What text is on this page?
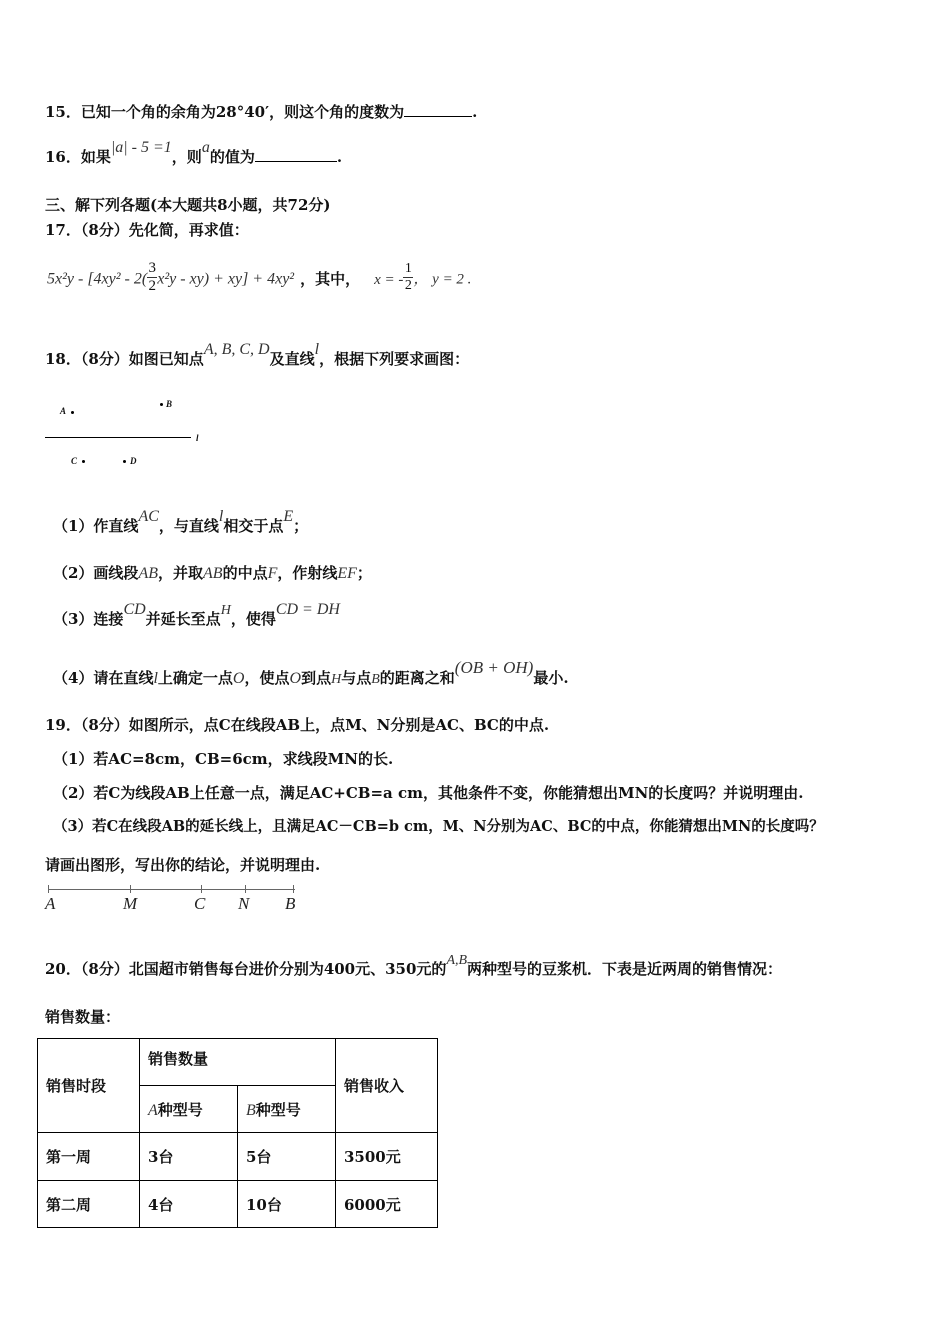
15．已知一个角的余角为28°40′，则这个角的度数为	.
16．如果|a| - 5 =1，则a的值为	.
三、解下列各题(本大题共8小题，共72分)
17．（8分）先化简，再求值：
$5x^2y - [4xy^2 - 2( \frac{3}{2} x^2y - xy) + xy] + 4xy^2$ ，其中， x = - $\frac{1}{2}$ ， y = 2 .
18．（8分）如图已知点A, B, C, D及直线l，根据下列要求画图：
A
B
l
C	D
（1）作直线AC，与直线l相交于点E；
（2）画线段AB，并取AB的中点F，作射线EF；
（3）连接CD并延长至点H，使得CD = DH
（4）请在直线l上确定一点O，使点O到点H与点B的距离之和(OB + OH)最小.
19．（8分）如图所示，点C在线段AB上，点M、N分别是AC、BC的中点.
（1）若AC=8cm，CB=6cm，求线段MN的长.
（2）若C为线段AB上任意一点，满足AC+CB=a cm，其他条件不变，你能猜想出MN的长度吗？并说明理由.
（3）若C在线段AB的延长线上，且满足AC－CB=b cm，M、N分别为AC、BC的中点，你能猜想出MN的长度吗？
请画出图形，写出你的结论，并说明理由.
A	M	C N B
20．（8分）北国超市销售每台进价分别为400元、350元的A,B两种型号的豆浆机．下表是近两周的销售情况：
销售数量：
销售时段	销售数量		销售收入
	A种型号	B种型号	
第一周	3台	5台	3500元
第二周	4台	10台	6000元
